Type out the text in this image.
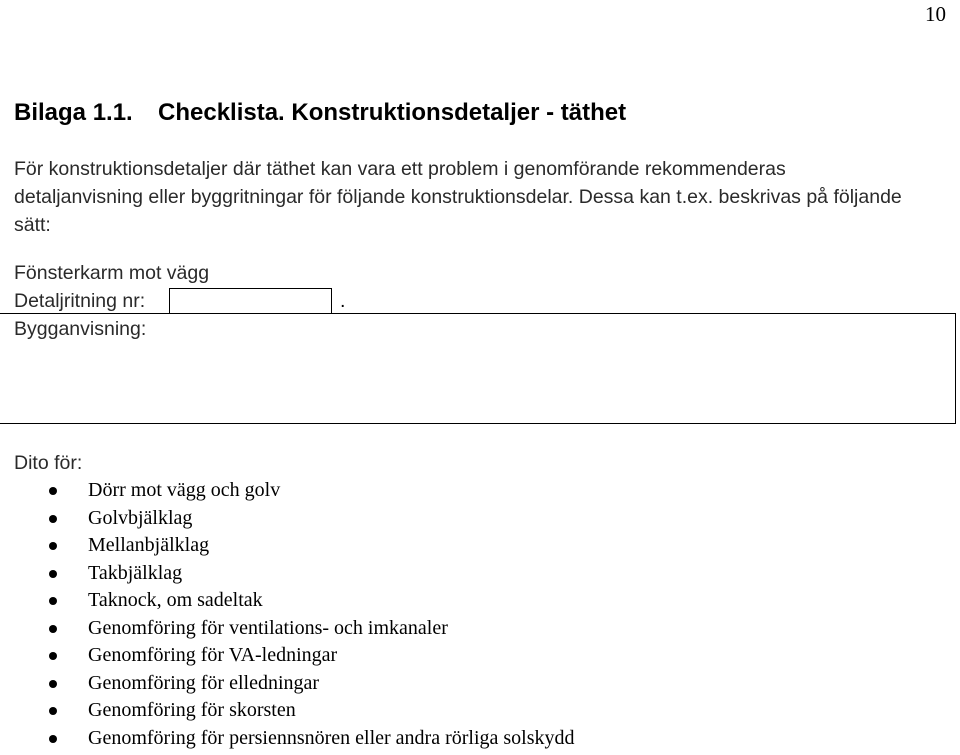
10
Bilaga 1.1. Checklista. Konstruktionsdetaljer - täthet

För konstruktionsdetaljer där täthet kan vara ett problem i genomförande rekommenderas detaljanvisning eller byggritningar för följande konstruktionsdelar. Dessa kan t.ex. beskrivas på följande sätt:

Fönsterkarm mot vägg

Detaljritning nr:	.
Bygganvisning:

Dito för:

Dörr mot vägg och golv
Golvbjälklag
Mellanbjälklag
Takbjälklag
Taknock, om sadeltak
Genomföring för ventilations- och imkanaler
Genomföring för VA-ledningar
Genomföring för elledningar
Genomföring för skorsten
Genomföring för persiennsnören eller andra rörliga solskydd
